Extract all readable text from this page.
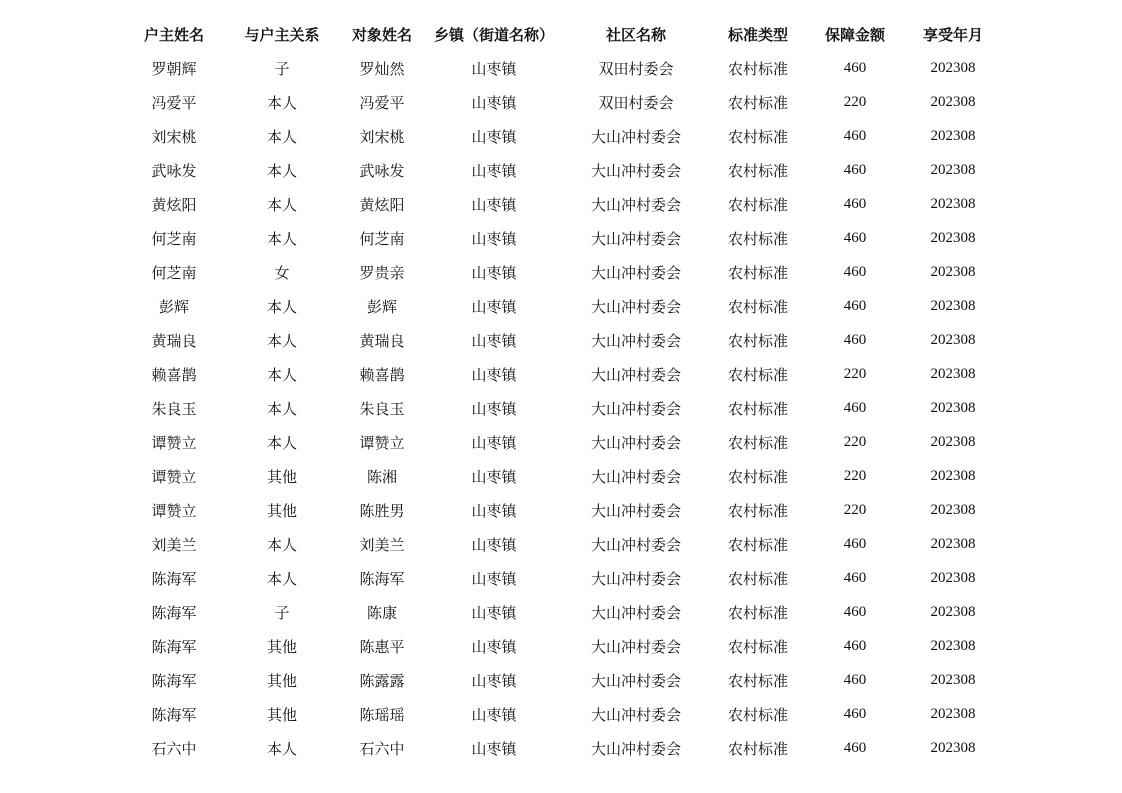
户主姓名	与户主关系	对象姓名	乡镇（街道名称）	社区名称	标准类型	保障金额	享受年月
罗朝辉	子	罗灿然	山枣镇	双田村委会	农村标准	460	202308
冯爱平	本人	冯爱平	山枣镇	双田村委会	农村标准	220	202308
刘宋桃	本人	刘宋桃	山枣镇	大山冲村委会	农村标准	460	202308
武咏发	本人	武咏发	山枣镇	大山冲村委会	农村标准	460	202308
黄炫阳	本人	黄炫阳	山枣镇	大山冲村委会	农村标准	460	202308
何芝南	本人	何芝南	山枣镇	大山冲村委会	农村标准	460	202308
何芝南	女	罗贵亲	山枣镇	大山冲村委会	农村标准	460	202308
彭辉	本人	彭辉	山枣镇	大山冲村委会	农村标准	460	202308
黄瑞良	本人	黄瑞良	山枣镇	大山冲村委会	农村标准	460	202308
赖喜鹊	本人	赖喜鹊	山枣镇	大山冲村委会	农村标准	220	202308
朱良玉	本人	朱良玉	山枣镇	大山冲村委会	农村标准	460	202308
谭赞立	本人	谭赞立	山枣镇	大山冲村委会	农村标准	220	202308
谭赞立	其他	陈湘	山枣镇	大山冲村委会	农村标准	220	202308
谭赞立	其他	陈胜男	山枣镇	大山冲村委会	农村标准	220	202308
刘美兰	本人	刘美兰	山枣镇	大山冲村委会	农村标准	460	202308
陈海军	本人	陈海军	山枣镇	大山冲村委会	农村标准	460	202308
陈海军	子	陈康	山枣镇	大山冲村委会	农村标准	460	202308
陈海军	其他	陈惠平	山枣镇	大山冲村委会	农村标准	460	202308
陈海军	其他	陈露露	山枣镇	大山冲村委会	农村标准	460	202308
陈海军	其他	陈瑶瑶	山枣镇	大山冲村委会	农村标准	460	202308
石六中	本人	石六中	山枣镇	大山冲村委会	农村标准	460	202308
